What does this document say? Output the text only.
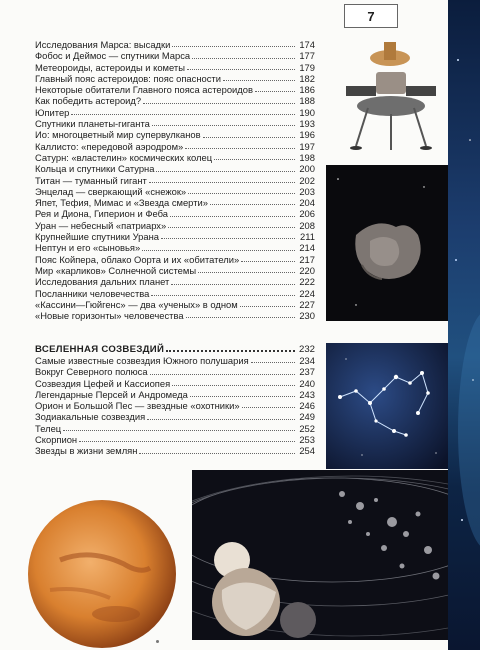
7
Исследования Марса: высадки	174
Фобос и Деймос — спутники Марса	177
Метеороиды, астероиды и кометы	179
Главный пояс астероидов: пояс опасности	182
Некоторые обитатели Главного пояса астероидов	186
Как победить астероид?	188
Юпитер	190
Спутники планеты-гиганта	193
Ио: многоцветный мир супервулканов	196
Каллисто: «передовой аэродром»	197
Сатурн: «властелин» космических колец	198
Кольца и спутники Сатурна	200
Титан — туманный гигант	202
Энцелад — сверкающий «снежок»	203
Япет, Тефия, Мимас и «Звезда смерти»	204
Рея и Диона, Гиперион и Феба	206
Уран — небесный «патриарх»	208
Крупнейшие спутники Урана	211
Нептун и его «сыновья»	214
Пояс Койпера, облако Оорта и их «обитатели»	217
Мир «карликов» Солнечной системы	220
Исследования дальних планет	222
Посланники человечества	224
«Кассини—Гюйгенс» — два «ученых» в одном	227
«Новые горизонты» человечества	230
ВСЕЛЕННАЯ СОЗВЕЗДИЙ	232
Самые известные созвездия Южного полушария	234
Вокруг Северного полюса	237
Созвездия Цефей и Кассиопея	240
Легендарные Персей и Андромеда	243
Орион и Большой Пес — звездные «охотники»	246
Зодиакальные созвездия	249
Телец	252
Скорпион	253
Звезды в жизни землян	254
